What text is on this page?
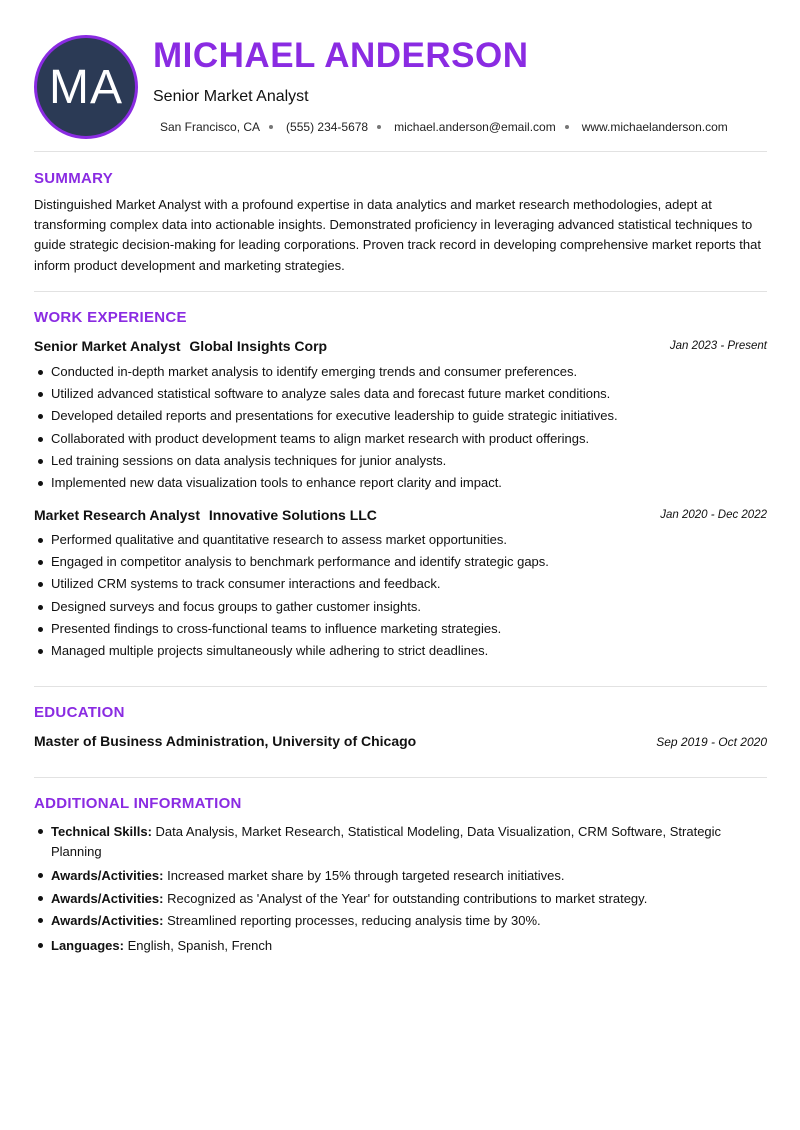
MA
MICHAEL ANDERSON
Senior Market Analyst
San Francisco, CA (555) 234-5678 michael.anderson@email.com www.michaelanderson.com
SUMMARY

Distinguished Market Analyst with a profound expertise in data analytics and market research methodologies, adept at transforming complex data into actionable insights. Demonstrated proficiency in leveraging advanced statistical techniques to guide strategic decision-making for leading corporations. Proven track record in developing comprehensive market reports that inform product development and marketing strategies.

WORK EXPERIENCE
Senior Market Analyst Global Insights Corp	Jan 2023 - Present
Conducted in-depth market analysis to identify emerging trends and consumer preferences.
Utilized advanced statistical software to analyze sales data and forecast future market conditions.
Developed detailed reports and presentations for executive leadership to guide strategic initiatives.
Collaborated with product development teams to align market research with product offerings.
Led training sessions on data analysis techniques for junior analysts.
Implemented new data visualization tools to enhance report clarity and impact.
Market Research Analyst Innovative Solutions LLC	Jan 2020 - Dec 2022
Performed qualitative and quantitative research to assess market opportunities.
Engaged in competitor analysis to benchmark performance and identify strategic gaps.
Utilized CRM systems to track consumer interactions and feedback.
Designed surveys and focus groups to gather customer insights.
Presented findings to cross-functional teams to influence marketing strategies.
Managed multiple projects simultaneously while adhering to strict deadlines.
EDUCATION
Master of Business Administration, University of Chicago	Sep 2019 - Oct 2020
ADDITIONAL INFORMATION
Technical Skills: Data Analysis, Market Research, Statistical Modeling, Data Visualization, CRM Software, Strategic Planning
Awards/Activities: Increased market share by 15% through targeted research initiatives.
Awards/Activities: Recognized as 'Analyst of the Year' for outstanding contributions to market strategy.
Awards/Activities: Streamlined reporting processes, reducing analysis time by 30%.
Languages: English, Spanish, French
